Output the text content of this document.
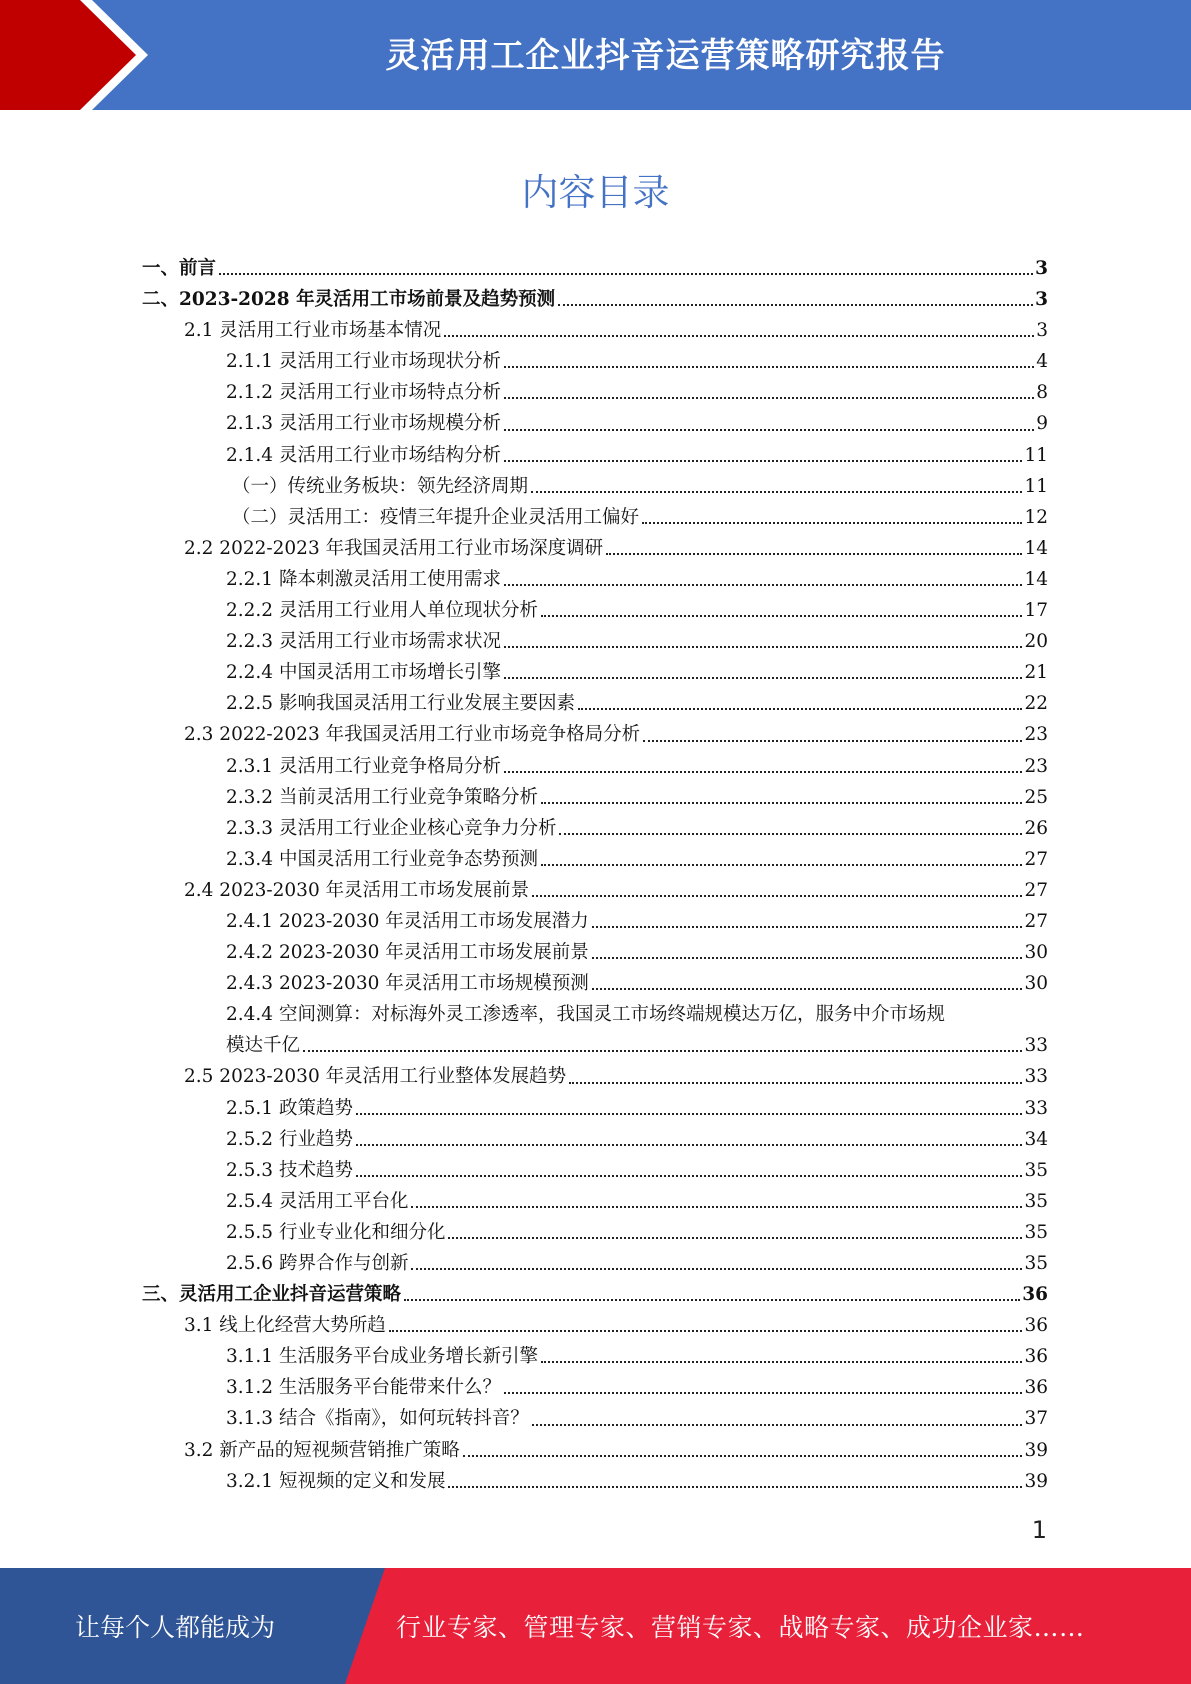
灵活用工企业抖音运营策略研究报告
内容目录
一、前言	3
二、2023-2028 年灵活用工市场前景及趋势预测	3
2.1 灵活用工行业市场基本情况	3
2.1.1 灵活用工行业市场现状分析	4
2.1.2 灵活用工行业市场特点分析	8
2.1.3 灵活用工行业市场规模分析	9
2.1.4 灵活用工行业市场结构分析	11
（一）传统业务板块：领先经济周期	11
（二）灵活用工：疫情三年提升企业灵活用工偏好	12
2.2 2022-2023 年我国灵活用工行业市场深度调研	14
2.2.1 降本刺激灵活用工使用需求	14
2.2.2 灵活用工行业用人单位现状分析	17
2.2.3 灵活用工行业市场需求状况	20
2.2.4 中国灵活用工市场增长引擎	21
2.2.5 影响我国灵活用工行业发展主要因素	22
2.3 2022-2023 年我国灵活用工行业市场竞争格局分析	23
2.3.1 灵活用工行业竞争格局分析	23
2.3.2 当前灵活用工行业竞争策略分析	25
2.3.3 灵活用工行业企业核心竞争力分析	26
2.3.4 中国灵活用工行业竞争态势预测	27
2.4 2023-2030 年灵活用工市场发展前景	27
2.4.1 2023-2030 年灵活用工市场发展潜力	27
2.4.2 2023-2030 年灵活用工市场发展前景	30
2.4.3 2023-2030 年灵活用工市场规模预测	30
2.4.4 空间测算：对标海外灵工渗透率，我国灵工市场终端规模达万亿，服务中介市场规
模达千亿	33
2.5 2023-2030 年灵活用工行业整体发展趋势	33
2.5.1 政策趋势	33
2.5.2 行业趋势	34
2.5.3 技术趋势	35
2.5.4 灵活用工平台化	35
2.5.5 行业专业化和细分化	35
2.5.6 跨界合作与创新	35
三、灵活用工企业抖音运营策略	36
3.1 线上化经营大势所趋	36
3.1.1 生活服务平台成业务增长新引擎	36
3.1.2 生活服务平台能带来什么？	36
3.1.3 结合《指南》，如何玩转抖音？	37
3.2 新产品的短视频营销推广策略	39
3.2.1 短视频的定义和发展	39
1
让每个人都能成为	行业专家、管理专家、营销专家、战略专家、成功企业家……
